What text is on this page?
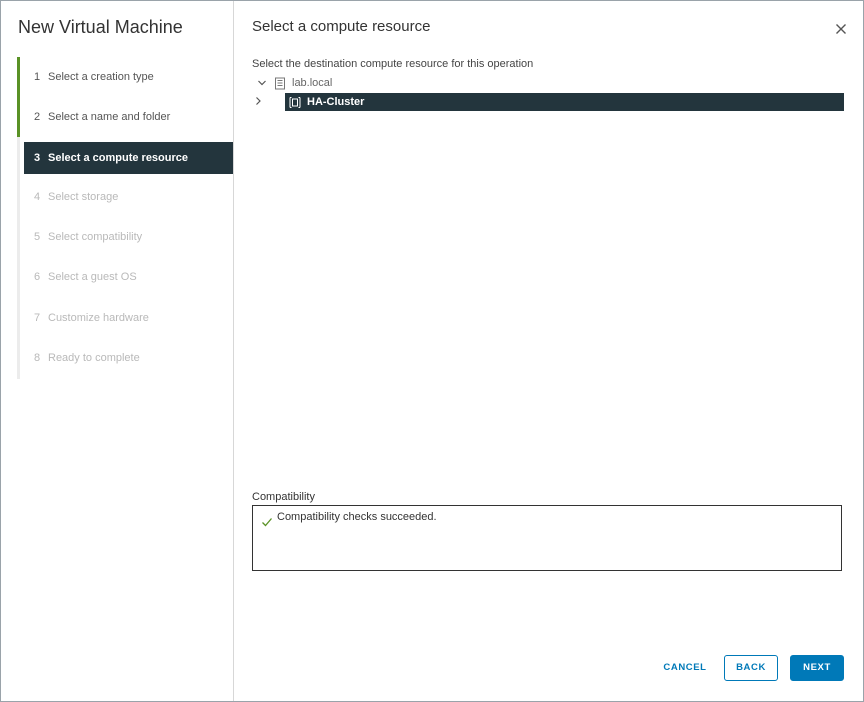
New Virtual Machine
1 Select a creation type
2 Select a name and folder
3 Select a compute resource
4 Select storage
5 Select compatibility
6 Select a guest OS
7 Customize hardware
8 Ready to complete
Select a compute resource
Select the destination compute resource for this operation
lab.local
HA-Cluster
Compatibility
Compatibility checks succeeded.
CANCEL	BACK	NEXT
